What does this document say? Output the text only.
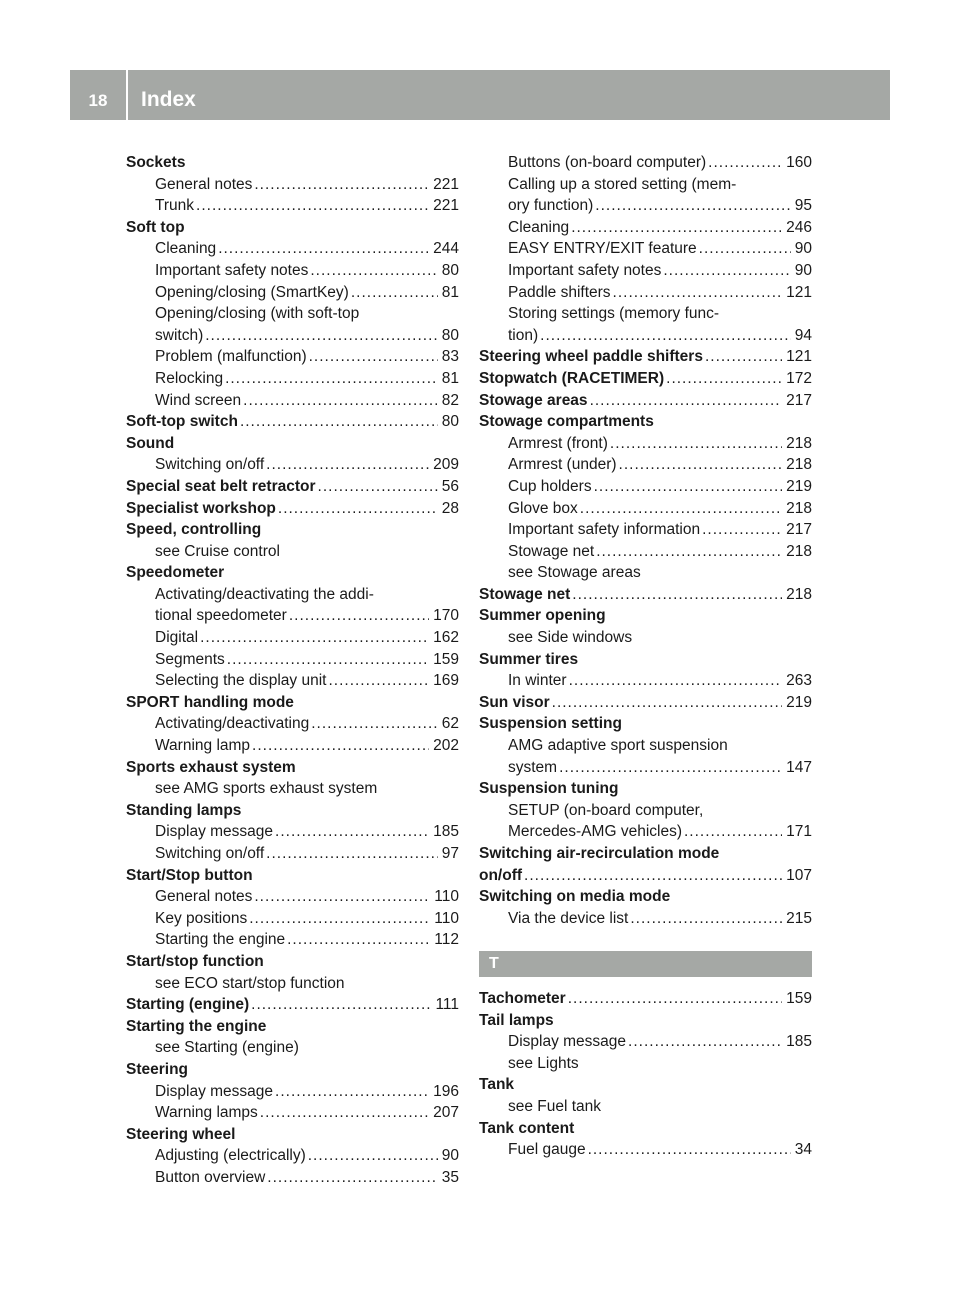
18	Index
Sockets
General notes .....	221
Trunk .....	221
Soft top
Cleaning .....	244
Important safety notes .....	80
Opening/closing (SmartKey) .....	81
Opening/closing (with soft-top
switch) .....	80
Problem (malfunction) .....	83
Relocking .....	81
Wind screen .....	82
Soft-top switch .....	80
Sound
Switching on/off .....	209
Special seat belt retractor .....	56
Specialist workshop .....	28
Speed, controlling
see Cruise control
Speedometer
Activating/deactivating the addi-
tional speedometer .....	170
Digital .....	162
Segments .....	159
Selecting the display unit .....	169
SPORT handling mode
Activating/deactivating .....	62
Warning lamp .....	202
Sports exhaust system
see AMG sports exhaust system
Standing lamps
Display message .....	185
Switching on/off .....	97
Start/Stop button
General notes .....	110
Key positions .....	110
Starting the engine .....	112
Start/stop function
see ECO start/stop function
Starting (engine) .....	111
Starting the engine
see Starting (engine)
Steering
Display message .....	196
Warning lamps .....	207
Steering wheel
Adjusting (electrically) .....	90
Button overview .....	35
Buttons (on-board computer) .....	160
Calling up a stored setting (mem-
ory function) .....	95
Cleaning .....	246
EASY ENTRY/EXIT feature .....	90
Important safety notes .....	90
Paddle shifters .....	121
Storing settings (memory func-
tion) .....	94
Steering wheel paddle shifters .....	121
Stopwatch (RACETIMER) .....	172
Stowage areas .....	217
Stowage compartments
Armrest (front) .....	218
Armrest (under) .....	218
Cup holders .....	219
Glove box .....	218
Important safety information .....	217
Stowage net .....	218
see Stowage areas
Stowage net .....	218
Summer opening
see Side windows
Summer tires
In winter .....	263
Sun visor .....	219
Suspension setting
AMG adaptive sport suspension
system .....	147
Suspension tuning
SETUP (on-board computer,
Mercedes-AMG vehicles) .....	171
Switching air-recirculation mode
on/off .....	107
Switching on media mode
Via the device list .....	215
T
Tachometer .....	159
Tail lamps
Display message .....	185
see Lights
Tank
see Fuel tank
Tank content
Fuel gauge .....	34
